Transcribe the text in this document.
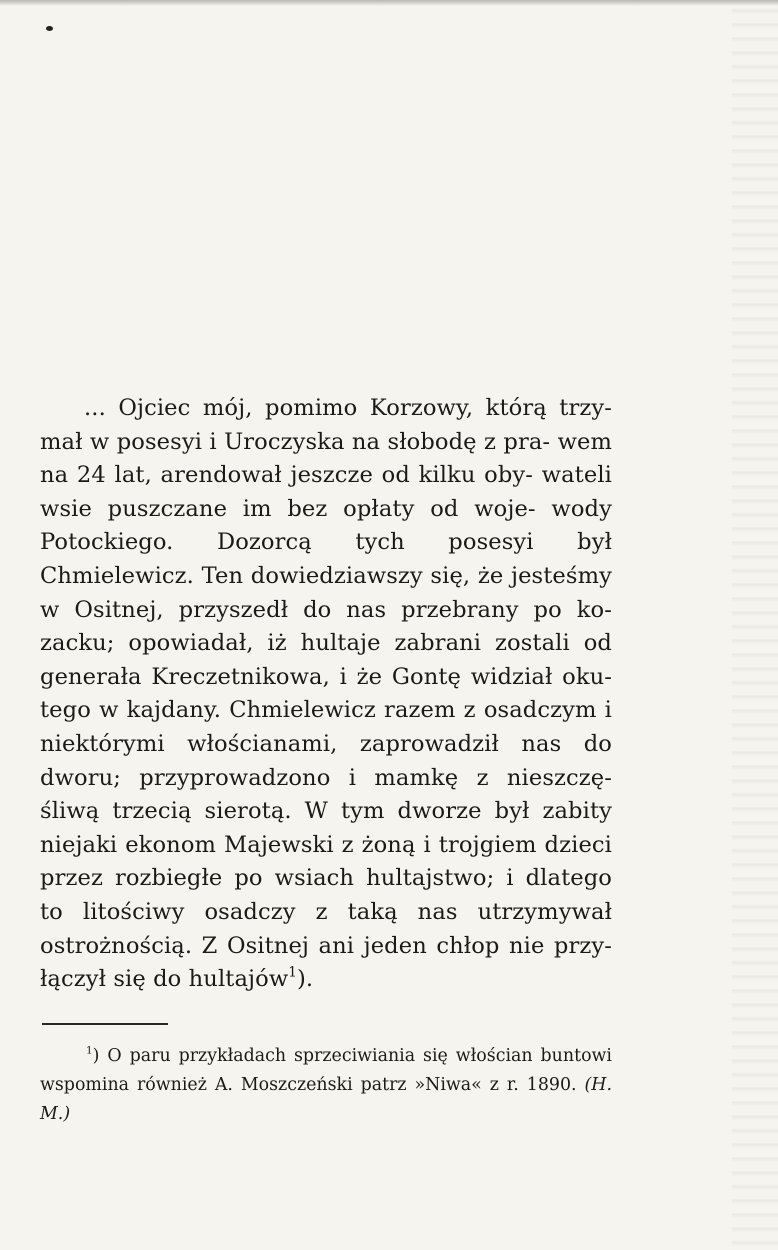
... Ojciec mój, pomimo Korzowy, którą trzy- mał w posesyi i Uroczyska na słobodę z pra- wem na 24 lat, arendował jeszcze od kilku oby- wateli wsie puszczane im bez opłaty od woje- wody Potockiego. Dozorcą tych posesyi był Chmielewicz. Ten dowiedziawszy się, że jesteśmy w Ositnej, przyszedł do nas przebrany po ko- zacku; opowiadał, iż hultaje zabrani zostali od generała Kreczetnikowa, i że Gontę widział oku- tego w kajdany. Chmielewicz razem z osadczym i niektórymi włościanami, zaprowadził nas do dworu; przyprowadzono i mamkę z nieszczę- śliwą trzecią sierotą. W tym dworze był zabity niejaki ekonom Majewski z żoną i trojgiem dzieci przez rozbiegłe po wsiach hultajstwo; i dlatego to litościwy osadczy z taką nas utrzymywał ostrożnością. Z Ositnej ani jeden chłop nie przy- łączył się do hultajów$^1$).

$^1$) O paru przykładach sprzeciwiania się włościan buntowi wspomina również A. Moszczeński patrz »Niwa« z r. 1890. (H. M.)
